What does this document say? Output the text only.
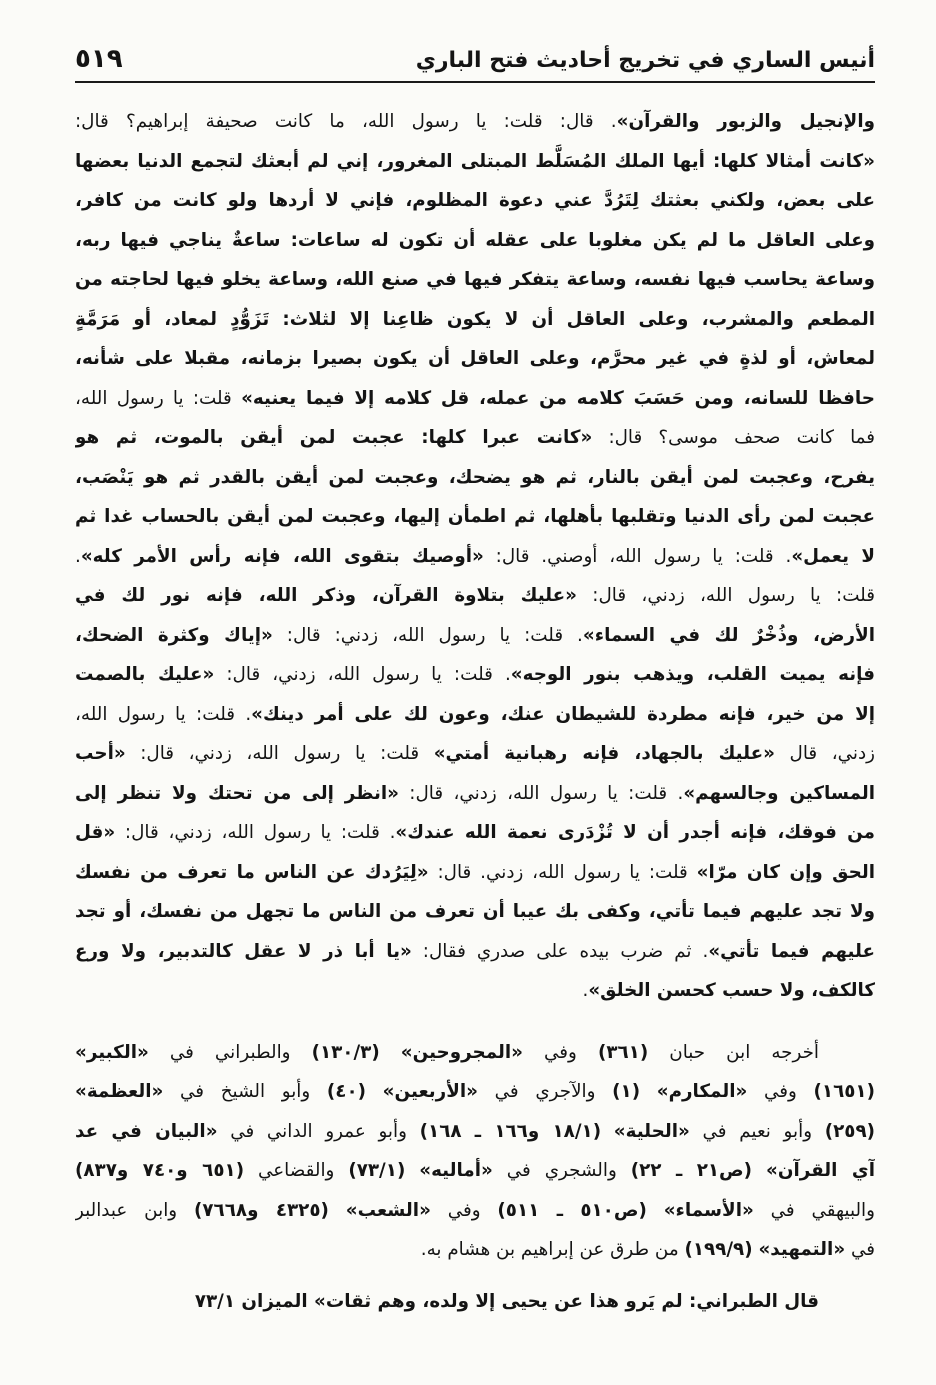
أنيس الساري في تخريج أحاديث فتح الباري
٥١٩
والإنجيل والزبور والقرآن». قال: قلت: يا رسول الله، ما كانت صحيفة إبراهيم؟ قال:
«كانت أمثالا كلها: أيها الملك المُسَلَّط المبتلى المغرور، إني لم أبعثك لتجمع الدنيا بعضها
على بعض، ولكني بعثتك لِتَرُدَّ عني دعوة المظلوم، فإني لا أردها ولو كانت من كافر،
وعلى العاقل ما لم يكن مغلوبا على عقله أن تكون له ساعات: ساعةٌ يناجي فيها ربه،
وساعة يحاسب فيها نفسه، وساعة يتفكر فيها في صنع الله، وساعة يخلو فيها لحاجته من
المطعم والمشرب، وعلى العاقل أن لا يكون ظاعِنا إلا لثلاث: تَزَوُّدٍ لمعاد، أو مَرَمَّةٍ
لمعاش، أو لذةٍ في غير محرَّم، وعلى العاقل أن يكون بصيرا بزمانه، مقبلا على شأنه،
حافظا للسانه، ومن حَسَبَ كلامه من عمله، قل كلامه إلا فيما يعنيه» قلت: يا رسول الله،
فما كانت صحف موسى؟ قال: «كانت عبرا كلها: عجبت لمن أيقن بالموت، ثم هو
يفرح، وعجبت لمن أيقن بالنار، ثم هو يضحك، وعجبت لمن أيقن بالقدر ثم هو يَنْصَب،
عجبت لمن رأى الدنيا وتقلبها بأهلها، ثم اطمأن إليها، وعجبت لمن أيقن بالحساب غدا ثم
لا يعمل». قلت: يا رسول الله، أوصني. قال: «أوصيك بتقوى الله، فإنه رأس الأمر كله».
قلت: يا رسول الله، زدني، قال: «عليك بتلاوة القرآن، وذكر الله، فإنه نور لك في
الأرض، وذُخْرٌ لك في السماء». قلت: يا رسول الله، زدني: قال: «إياك وكثرة الضحك،
فإنه يميت القلب، ويذهب بنور الوجه». قلت: يا رسول الله، زدني، قال: «عليك بالصمت
إلا من خير، فإنه مطردة للشيطان عنك، وعون لك على أمر دينك». قلت: يا رسول الله،
زدني، قال «عليك بالجهاد، فإنه رهبانية أمتي» قلت: يا رسول الله، زدني، قال: «أحب
المساكين وجالسهم». قلت: يا رسول الله، زدني، قال: «انظر إلى من تحتك ولا تنظر إلى
من فوقك، فإنه أجدر أن لا تُزْدَرى نعمة الله عندك». قلت: يا رسول الله، زدني، قال: «قل
الحق وإن كان مرّا» قلت: يا رسول الله، زدني. قال: «لِيَرُدك عن الناس ما تعرف من نفسك
ولا تجد عليهم فيما تأتي، وكفى بك عيبا أن تعرف من الناس ما تجهل من نفسك، أو تجد
عليهم فيما تأتي». ثم ضرب بيده على صدري فقال: «يا أبا ذر لا عقل كالتدبير، ولا ورع
كالكف، ولا حسب كحسن الخلق».
أخرجه ابن حبان (٣٦١) وفي «المجروحين» (١٣٠/٣) والطبراني في «الكبير»
(١٦٥١) وفي «المكارم» (١) والآجري في «الأربعين» (٤٠) وأبو الشيخ في «العظمة»
(٢٥٩) وأبو نعيم في «الحلية» (١٨/١ و١٦٦ ـ ١٦٨) وأبو عمرو الداني في «البيان في عد
آي القرآن» (ص٢١ ـ ٢٢) والشجري في «أماليه» (٧٣/١) والقضاعي (٦٥١ و٧٤٠ و٨٣٧)
والبيهقي في «الأسماء» (ص٥١٠ ـ ٥١١) وفي «الشعب» (٤٣٢٥ و٧٦٦٨) وابن عبدالبر
في «التمهيد» (١٩٩/٩) من طرق عن إبراهيم بن هشام به.
قال الطبراني: لم يَرو هذا عن يحيى إلا ولده، وهم ثقات» الميزان ٧٣/١
